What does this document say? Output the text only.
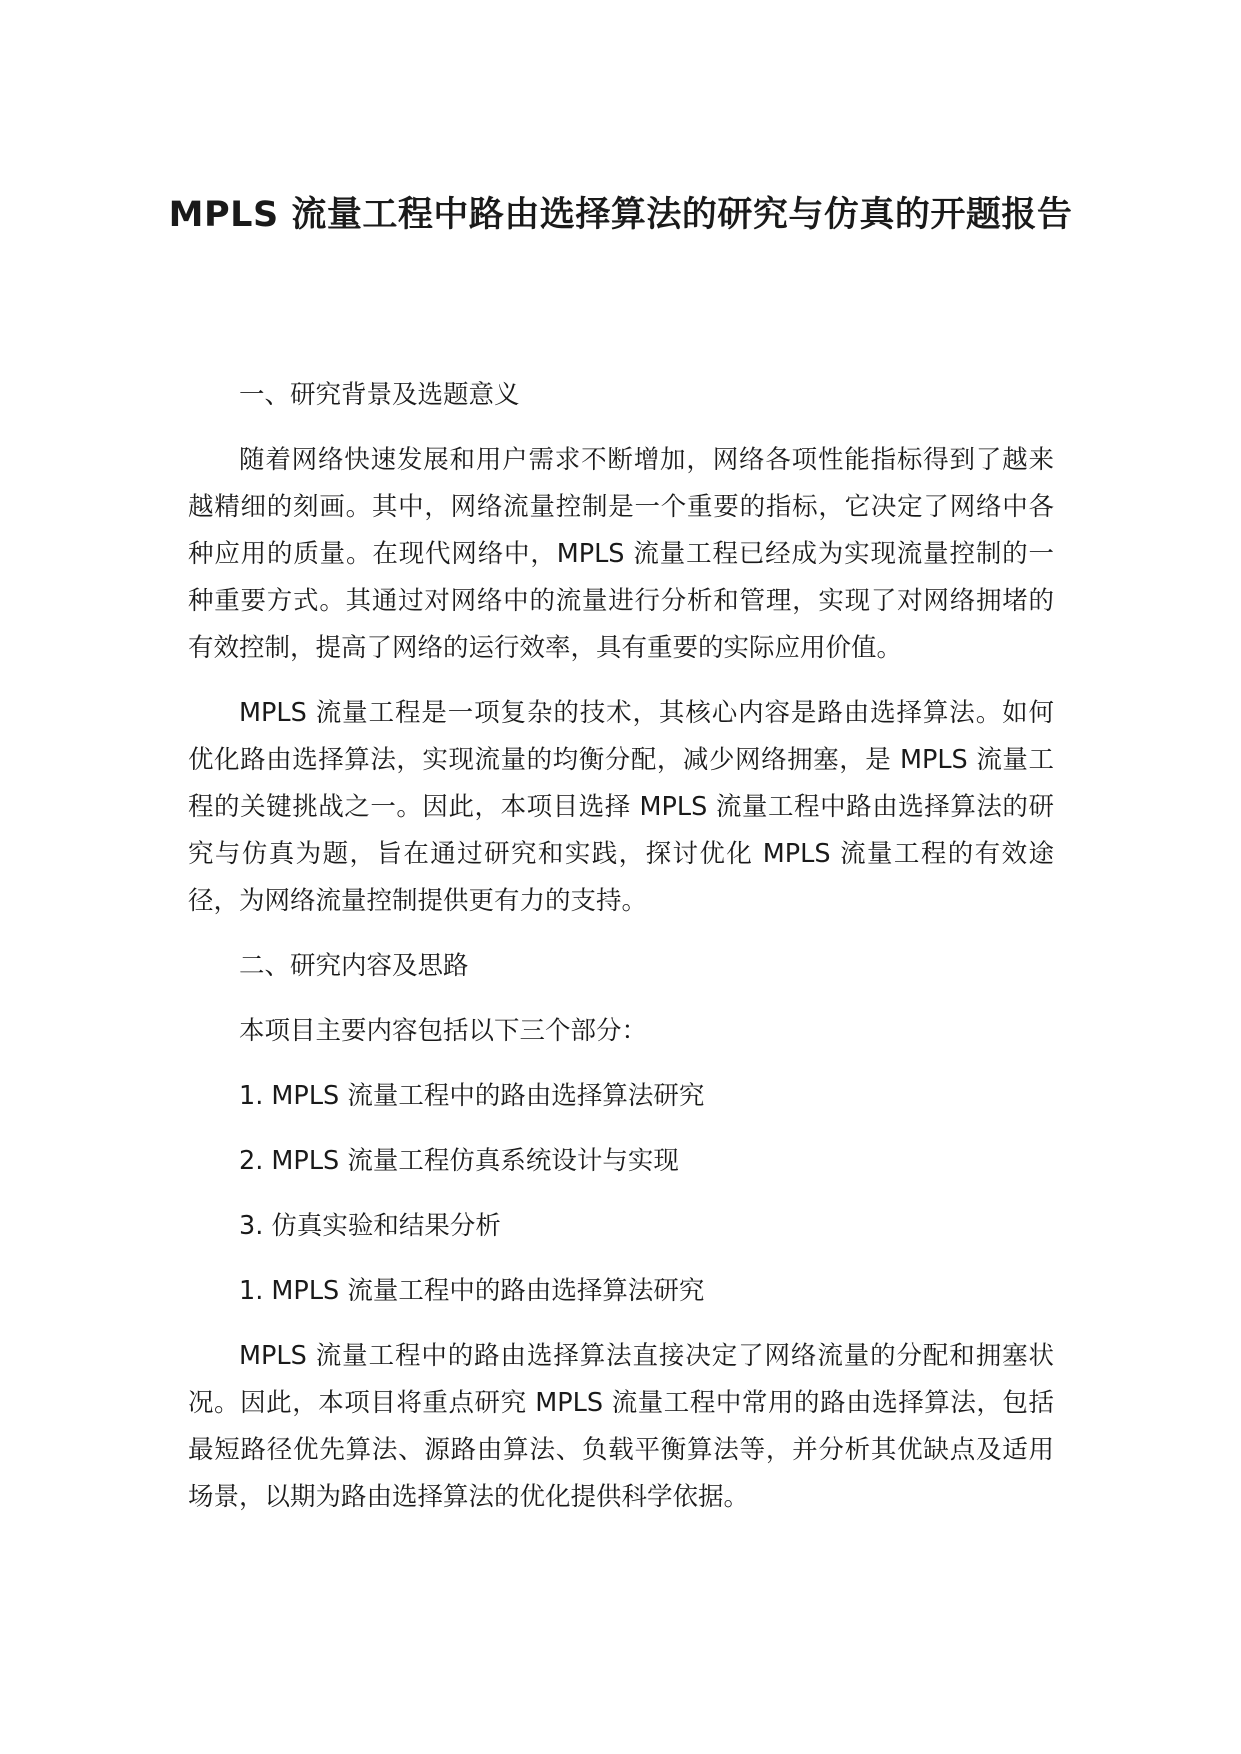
MPLS 流量工程中路由选择算法的研究与仿真的开题报告

一、研究背景及选题意义

随着网络快速发展和用户需求不断增加，网络各项性能指标得到了越来越精细的刻画。其中，网络流量控制是一个重要的指标，它决定了网络中各种应用的质量。在现代网络中，MPLS 流量工程已经成为实现流量控制的一种重要方式。其通过对网络中的流量进行分析和管理，实现了对网络拥堵的有效控制，提高了网络的运行效率，具有重要的实际应用价值。

MPLS 流量工程是一项复杂的技术，其核心内容是路由选择算法。如何优化路由选择算法，实现流量的均衡分配，减少网络拥塞，是 MPLS 流量工程的关键挑战之一。因此，本项目选择 MPLS 流量工程中路由选择算法的研究与仿真为题，旨在通过研究和实践，探讨优化 MPLS 流量工程的有效途径，为网络流量控制提供更有力的支持。

二、研究内容及思路

本项目主要内容包括以下三个部分：

1. MPLS 流量工程中的路由选择算法研究

2. MPLS 流量工程仿真系统设计与实现

3. 仿真实验和结果分析

1. MPLS 流量工程中的路由选择算法研究

MPLS 流量工程中的路由选择算法直接决定了网络流量的分配和拥塞状况。因此，本项目将重点研究 MPLS 流量工程中常用的路由选择算法，包括最短路径优先算法、源路由算法、负载平衡算法等，并分析其优缺点及适用场景，以期为路由选择算法的优化提供科学依据。
